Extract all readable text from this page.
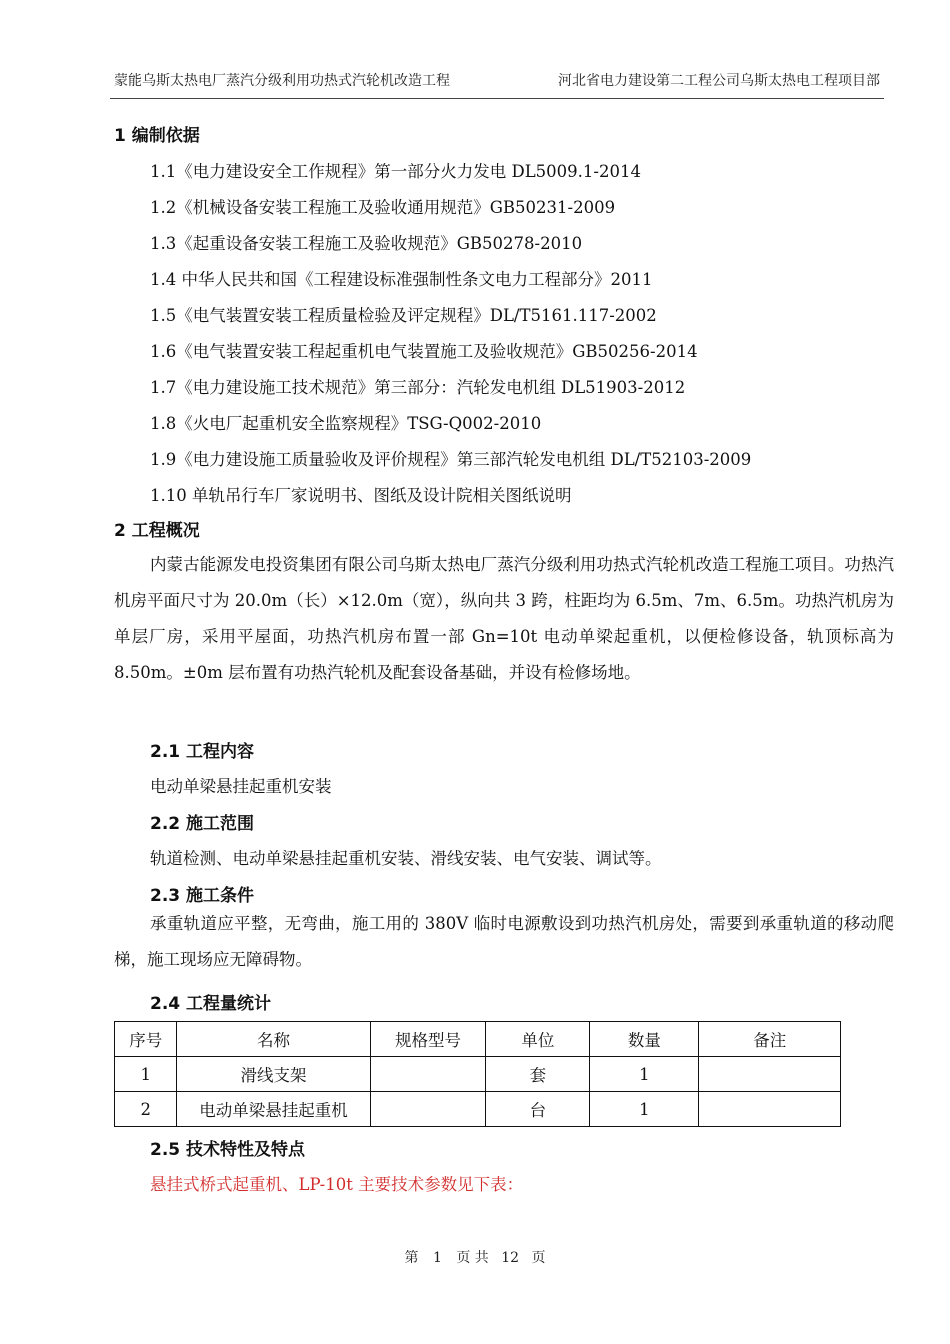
蒙能乌斯太热电厂蒸汽分级利用功热式汽轮机改造工程	河北省电力建设第二工程公司乌斯太热电工程项目部
1 编制依据
1.1《电力建设安全工作规程》第一部分火力发电 DL5009.1-2014
1.2《机械设备安装工程施工及验收通用规范》GB50231-2009
1.3《起重设备安装工程施工及验收规范》GB50278-2010
1.4 中华人民共和国《工程建设标准强制性条文电力工程部分》2011
1.5《电气装置安装工程质量检验及评定规程》DL/T5161.117-2002
1.6《电气装置安装工程起重机电气装置施工及验收规范》GB50256-2014
1.7《电力建设施工技术规范》第三部分：汽轮发电机组 DL51903-2012
1.8《火电厂起重机安全监察规程》TSG-Q002-2010
1.9《电力建设施工质量验收及评价规程》第三部汽轮发电机组 DL/T52103-2009
1.10 单轨吊行车厂家说明书、图纸及设计院相关图纸说明
2 工程概况
内蒙古能源发电投资集团有限公司乌斯太热电厂蒸汽分级利用功热式汽轮机改造工程施工项目。功热汽机房平面尺寸为 20.0m（长）×12.0m（宽），纵向共 3 跨，柱距均为 6.5m、7m、6.5m。功热汽机房为单层厂房，采用平屋面，功热汽机房布置一部 Gn=10t 电动单梁起重机，以便检修设备，轨顶标高为 8.50m。±0m 层布置有功热汽轮机及配套设备基础，并设有检修场地。
2.1 工程内容
电动单梁悬挂起重机安装
2.2 施工范围
轨道检测、电动单梁悬挂起重机安装、滑线安装、电气安装、调试等。
2.3 施工条件
承重轨道应平整，无弯曲，施工用的 380V 临时电源敷设到功热汽机房处，需要到承重轨道的移动爬梯，施工现场应无障碍物。
2.4 工程量统计
序号	名称	规格型号	单位	数量	备注
1	滑线支架		套	1	
2	电动单梁悬挂起重机		台	1	
2.5 技术特性及特点
悬挂式桥式起重机、LP-10t 主要技术参数见下表：
第 1 页 共 12 页
